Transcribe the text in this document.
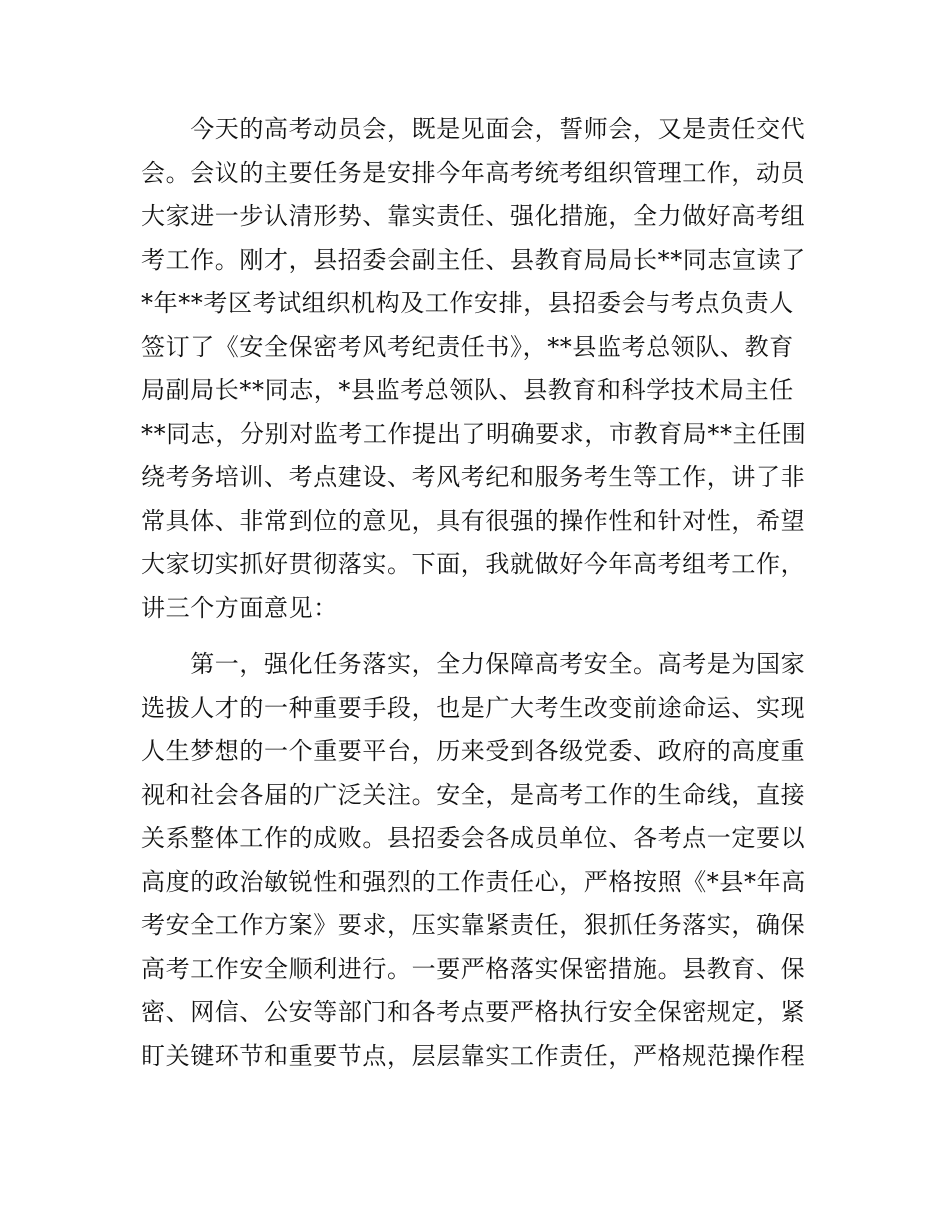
　　今天的高考动员会，既是见面会，誓师会，又是责任交代
会。会议的主要任务是安排今年高考统考组织管理工作，动员
大家进一步认清形势、靠实责任、强化措施，全力做好高考组
考工作。刚才，县招委会副主任、县教育局局长**同志宣读了
*年**考区考试组织机构及工作安排，县招委会与考点负责人
签订了《安全保密考风考纪责任书》，**县监考总领队、教育
局副局长**同志，*县监考总领队、县教育和科学技术局主任
**同志，分别对监考工作提出了明确要求，市教育局**主任围
绕考务培训、考点建设、考风考纪和服务考生等工作，讲了非
常具体、非常到位的意见，具有很强的操作性和针对性，希望
大家切实抓好贯彻落实。下面，我就做好今年高考组考工作，
讲三个方面意见：
　　第一，强化任务落实，全力保障高考安全。高考是为国家
选拔人才的一种重要手段，也是广大考生改变前途命运、实现
人生梦想的一个重要平台，历来受到各级党委、政府的高度重
视和社会各届的广泛关注。安全，是高考工作的生命线，直接
关系整体工作的成败。县招委会各成员单位、各考点一定要以
高度的政治敏锐性和强烈的工作责任心，严格按照《*县*年高
考安全工作方案》要求，压实靠紧责任，狠抓任务落实，确保
高考工作安全顺利进行。一要严格落实保密措施。县教育、保
密、网信、公安等部门和各考点要严格执行安全保密规定，紧
盯关键环节和重要节点，层层靠实工作责任，严格规范操作程
